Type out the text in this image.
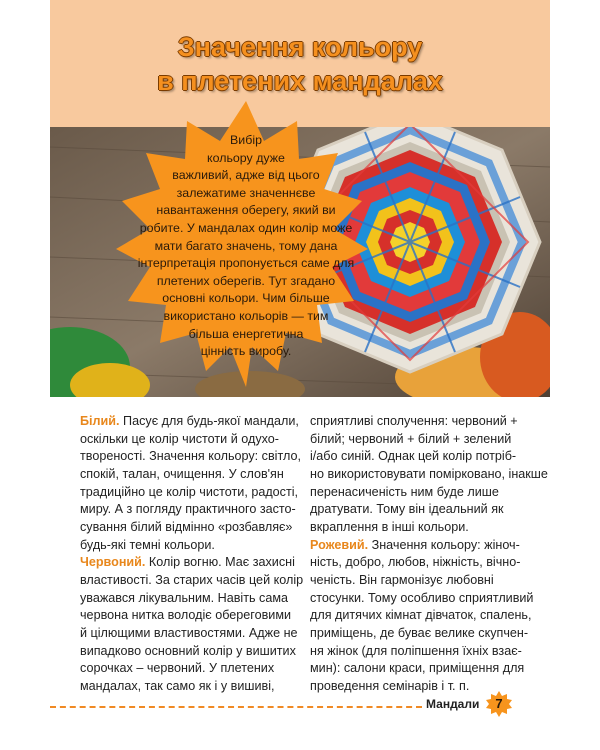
Значення кольору
в плетених мандалах
Вибір
кольору дуже
важливий, адже від цього
залежатиме значеннєве
навантаження оберегу, який ви
робите. У мандалах один колір може
мати багато значень, тому дана
інтерпретація пропонується саме для
плетених оберегів. Тут згадано
основні кольори. Чим більше
використано кольорів — тим
більша енергетична
цінність виробу.
Білий. Пасує для будь-якої мандали,
оскільки це колір чистоти й одухо-
твореності. Значення кольору: світло,
спокій, талан, очищення. У слов'ян
традиційно це колір чистоти, радості,
миру. А з погляду практичного засто-
сування білий відмінно «розбавляє»
будь-які темні кольори.
Червоний. Колір вогню. Має захисні
властивості. За старих часів цей колір
уважався лікувальним. Навіть сама
червона нитка володіє обереговими
й цілющими властивостями. Адже не
випадково основний колір у вишитих
сорочках – червоний. У плетених
мандалах, так само як і у вишиві,
сприятливі сполучення: червоний +
білий; червоний + білий + зелений
і/або синій. Однак цей колір потріб-
но використовувати помірковано, інакше
перенасиченість ним буде лише
дратувати. Тому він ідеальний як
вкраплення в інші кольори.
Рожевий. Значення кольору: жіноч-
ність, добро, любов, ніжність, вічно-
ченість. Він гармонізує любовні
стосунки. Тому особливо сприятливий
для дитячих кімнат дівчаток, спалень,
приміщень, де буває велике скупчен-
ня жінок (для поліпшення їхніх взає-
мин): салони краси, приміщення для
проведення семінарів і т. п.
Мандали	7
